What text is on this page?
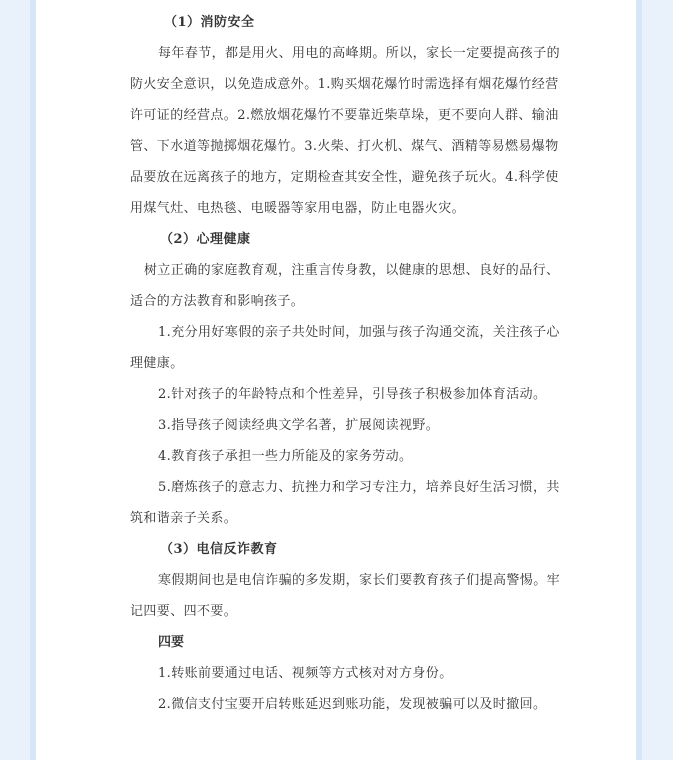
（1）消防安全

每年春节，都是用火、用电的高峰期。所以，家长一定要提高孩子的防火安全意识，以免造成意外。1.购买烟花爆竹时需选择有烟花爆竹经营许可证的经营点。2.燃放烟花爆竹不要靠近柴草垛，更不要向人群、输油管、下水道等抛掷烟花爆竹。3.火柴、打火机、煤气、酒精等易燃易爆物品要放在远离孩子的地方，定期检查其安全性，避免孩子玩火。4.科学使用煤气灶、电热毯、电暖器等家用电器，防止电器火灾。

（2）心理健康

树立正确的家庭教育观，注重言传身教，以健康的思想、良好的品行、适合的方法教育和影响孩子。

1.充分用好寒假的亲子共处时间，加强与孩子沟通交流，关注孩子心理健康。

2.针对孩子的年龄特点和个性差异，引导孩子积极参加体育活动。

3.指导孩子阅读经典文学名著，扩展阅读视野。

4.教育孩子承担一些力所能及的家务劳动。

5.磨炼孩子的意志力、抗挫力和学习专注力，培养良好生活习惯，共筑和谐亲子关系。

（3）电信反诈教育

寒假期间也是电信诈骗的多发期，家长们要教育孩子们提高警惕。牢记四要、四不要。

四要

1.转账前要通过电话、视频等方式核对对方身份。

2.微信支付宝要开启转账延迟到账功能，发现被骗可以及时撤回。
